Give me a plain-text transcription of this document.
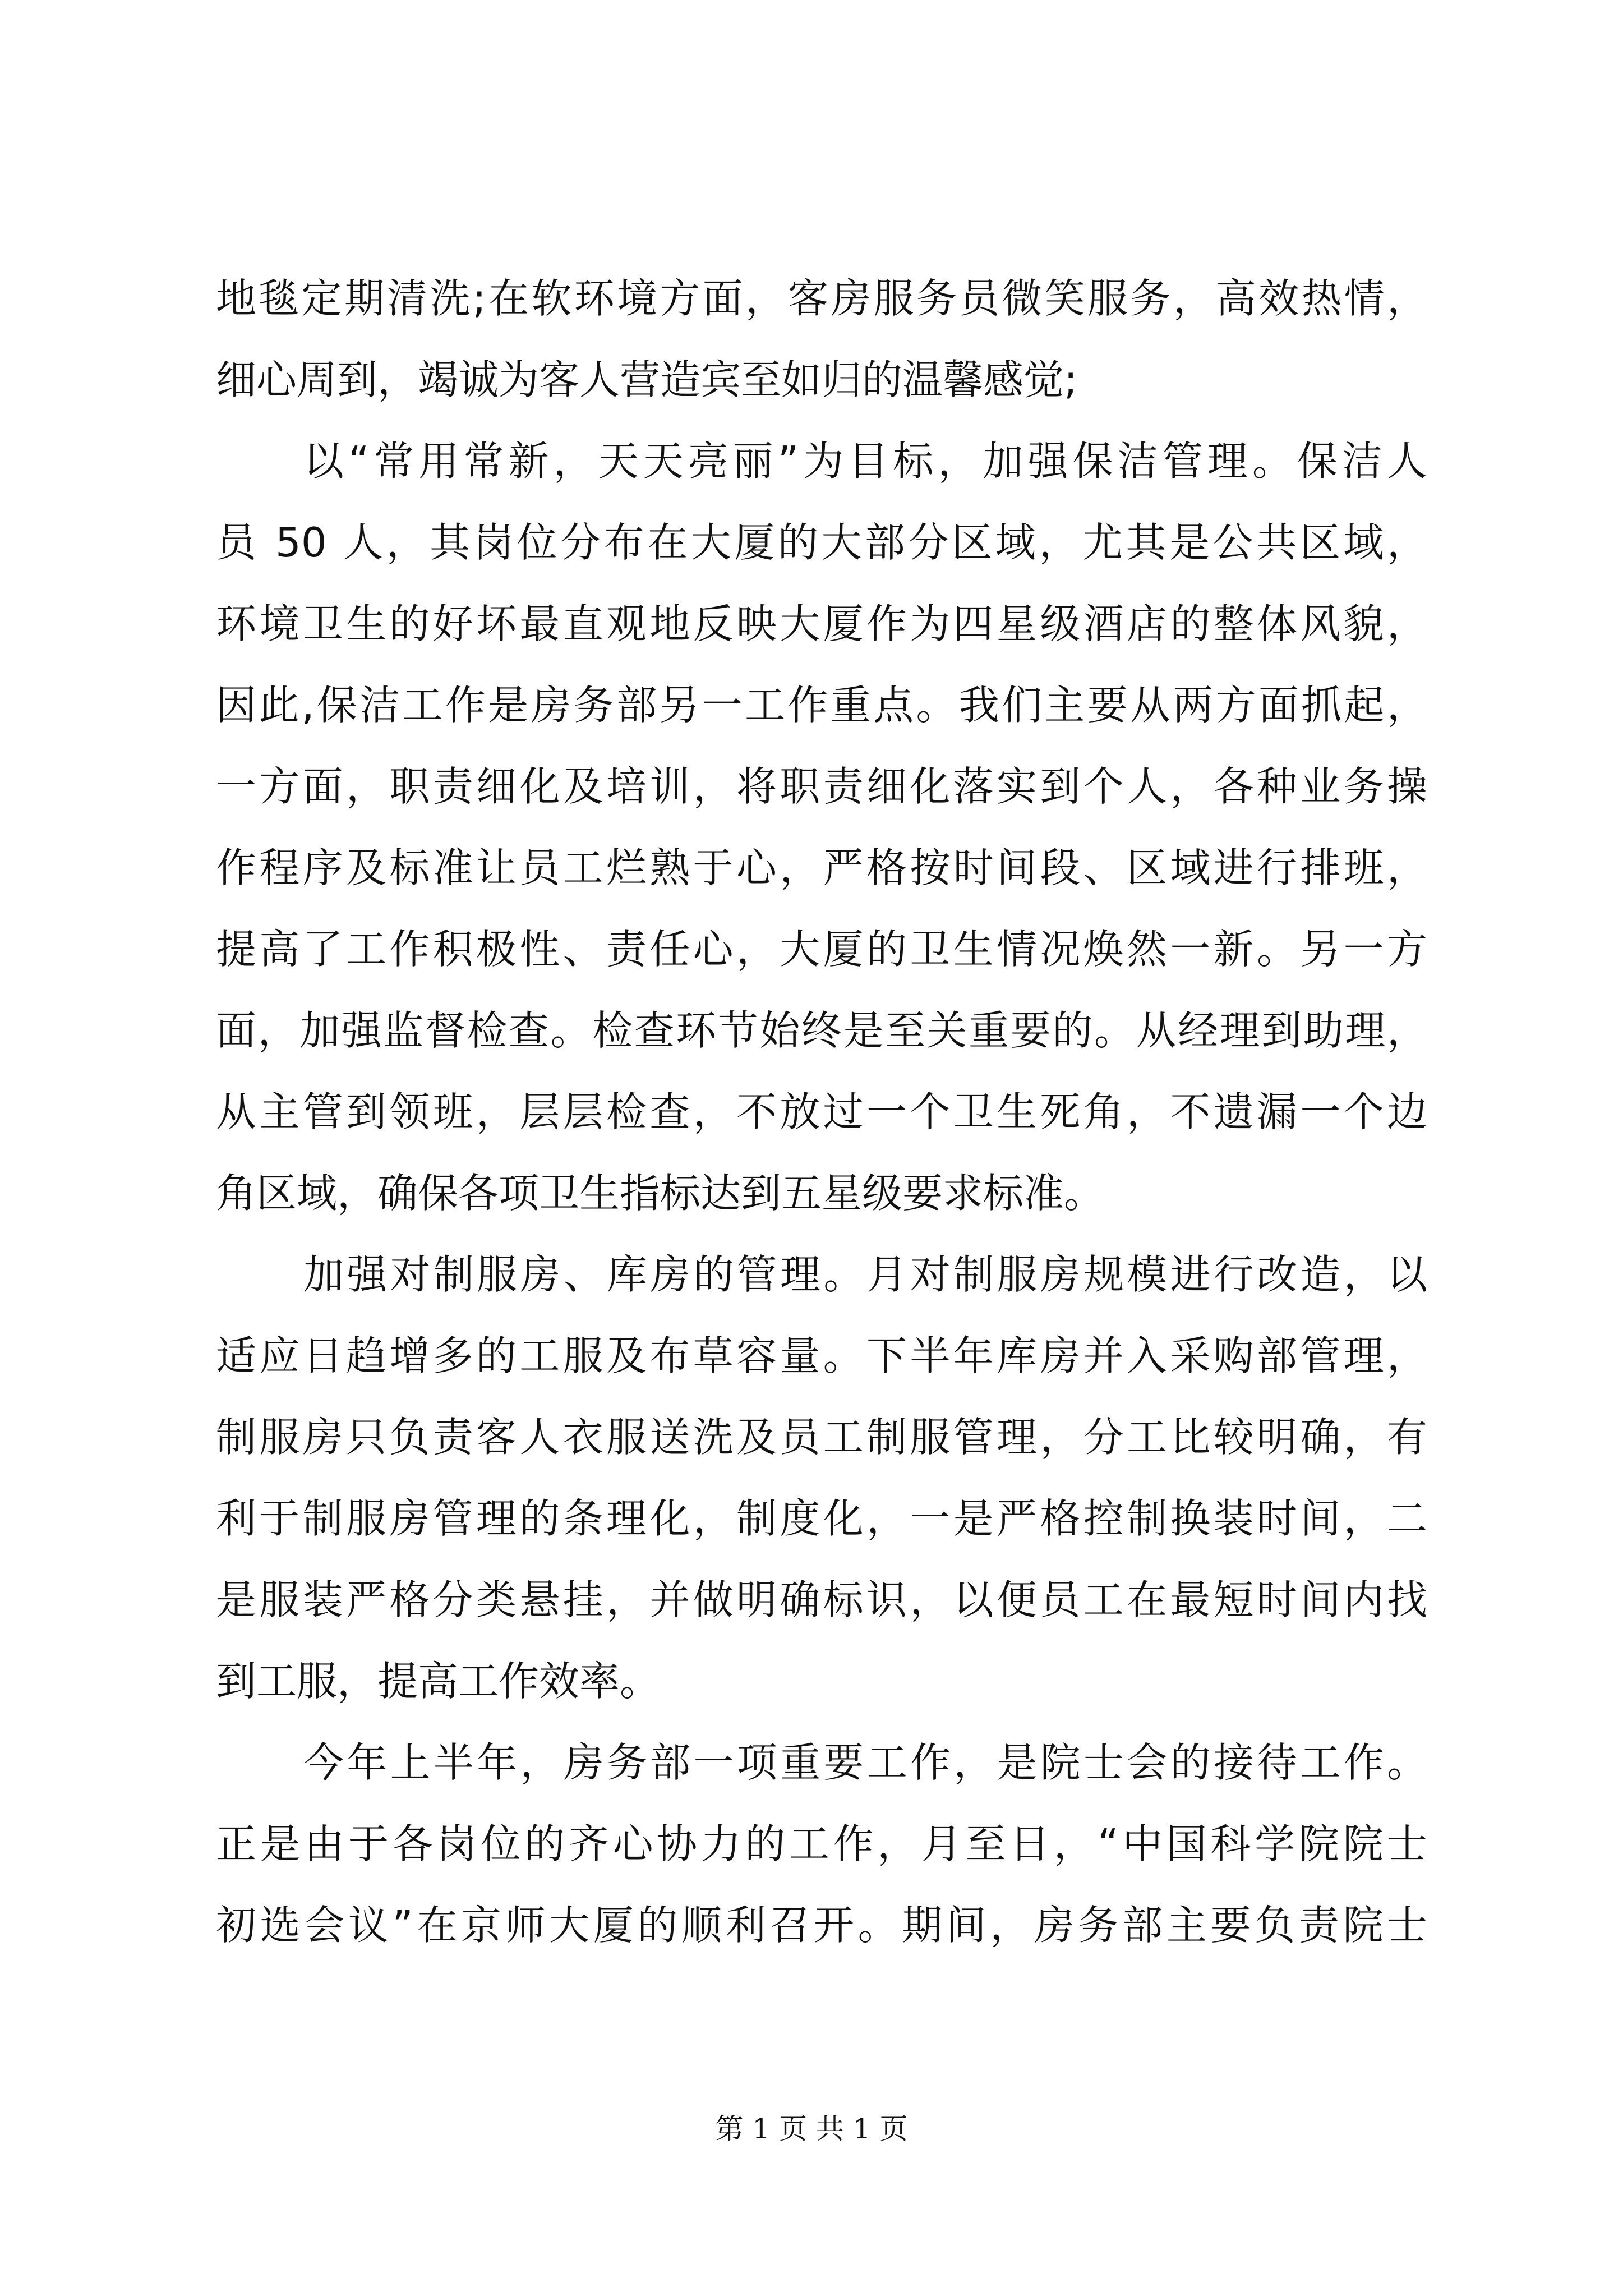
地毯定期清洗;在软环境方面，客房服务员微笑服务，高效热情，
细心周到，竭诚为客人营造宾至如归的温馨感觉;
以“常用常新，天天亮丽”为目标，加强保洁管理。保洁人
员 50 人，其岗位分布在大厦的大部分区域，尤其是公共区域，
环境卫生的好坏最直观地反映大厦作为四星级酒店的整体风貌，
因此,保洁工作是房务部另一工作重点。我们主要从两方面抓起，
一方面，职责细化及培训，将职责细化落实到个人，各种业务操
作程序及标准让员工烂熟于心，严格按时间段、区域进行排班，
提高了工作积极性、责任心，大厦的卫生情况焕然一新。另一方
面，加强监督检查。检查环节始终是至关重要的。从经理到助理，
从主管到领班，层层检查，不放过一个卫生死角，不遗漏一个边
角区域，确保各项卫生指标达到五星级要求标准。
加强对制服房、库房的管理。月对制服房规模进行改造，以
适应日趋增多的工服及布草容量。下半年库房并入采购部管理，
制服房只负责客人衣服送洗及员工制服管理，分工比较明确，有
利于制服房管理的条理化，制度化，一是严格控制换装时间，二
是服装严格分类悬挂，并做明确标识，以便员工在最短时间内找
到工服，提高工作效率。
今年上半年，房务部一项重要工作，是院士会的接待工作。
正是由于各岗位的齐心协力的工作，月至日，“中国科学院院士
初选会议”在京师大厦的顺利召开。期间，房务部主要负责院士
第 1 页 共 1 页
